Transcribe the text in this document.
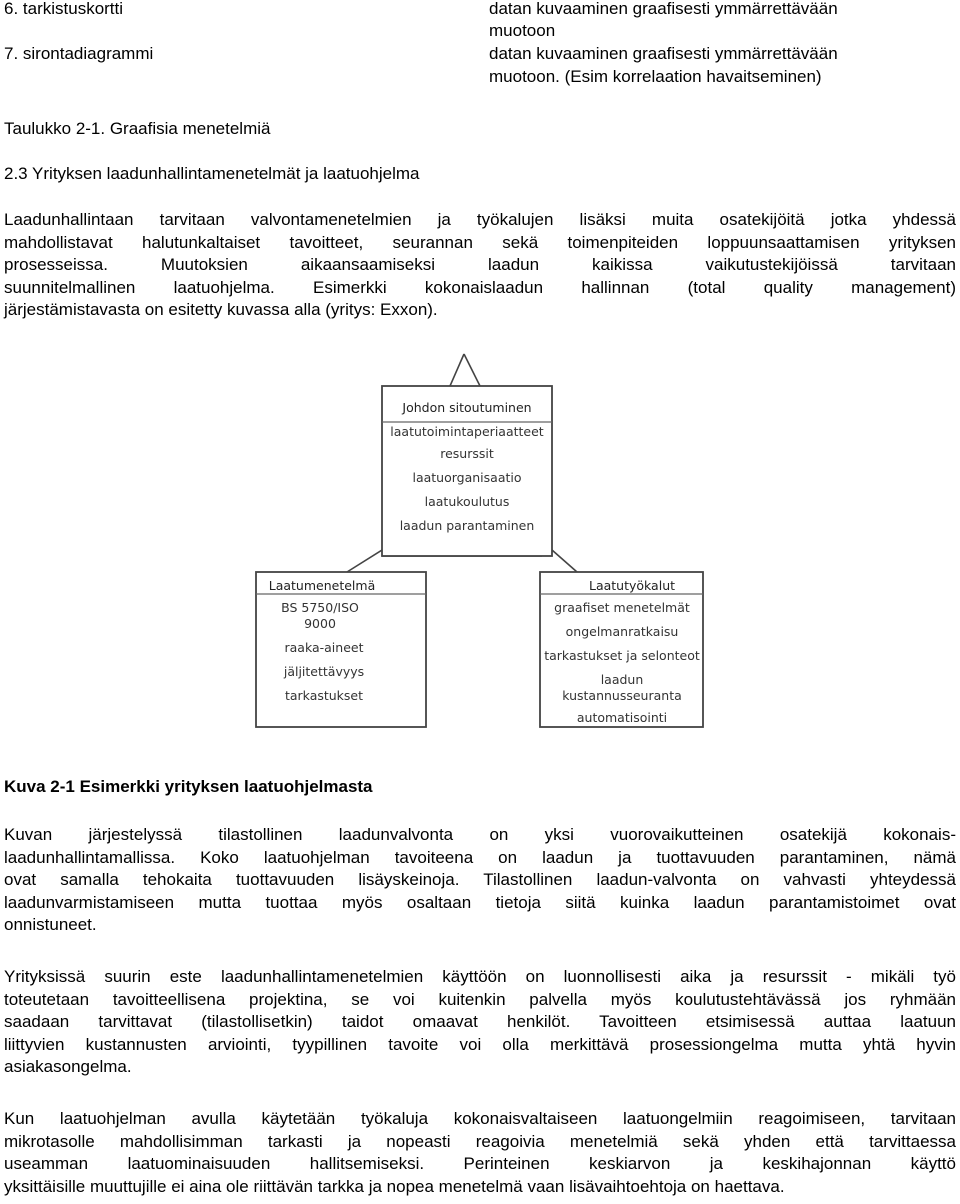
6. tarkistuskortti	datan kuvaaminen graafisesti ymmärrettävään
muotoon
7. sirontadiagrammi	datan kuvaaminen graafisesti ymmärrettävään
muotoon. (Esim korrelaation havaitseminen)
Taulukko 2-1. Graafisia menetelmiä
2.3 Yrityksen laadunhallintamenetelmät ja laatuohjelma
Laadunhallintaan tarvitaan valvontamenetelmien ja työkalujen lisäksi muita osatekijöitä jotka yhdessä
mahdollistavat halutunkaltaiset tavoitteet, seurannan sekä toimenpiteiden loppuunsaattamisen yrityksen
prosesseissa. Muutoksien aikaansaamiseksi laadun kaikissa vaikutustekijöissä tarvitaan
suunnitelmallinen laatuohjelma. Esimerkki kokonaislaadun hallinnan (total quality management)
järjestämistavasta on esitetty kuvassa alla (yritys: Exxon).
Johdon sitoutuminen
laatutoimintaperiaatteet
resurssit
laatuorganisaatio
laatukoulutus
laadun parantaminen
Laatumenetelmä
BS 5750/ISO
9000
raaka-aineet
jäljitettävyys
tarkastukset
Laatutyökalut
graafiset menetelmät
ongelmanratkaisu
tarkastukset ja selonteot
laadun
kustannusseuranta
automatisointi
Kuva 2-1 Esimerkki yrityksen laatuohjelmasta
Kuvan järjestelyssä tilastollinen laadunvalvonta on yksi vuorovaikutteinen osatekijä kokonais-
laadunhallintamallissa. Koko laatuohjelman tavoiteena on laadun ja tuottavuuden parantaminen, nämä
ovat samalla tehokaita tuottavuuden lisäyskeinoja. Tilastollinen laadun-valvonta on vahvasti yhteydessä
laadunvarmistamiseen mutta tuottaa myös osaltaan tietoja siitä kuinka laadun parantamistoimet ovat
onnistuneet.
Yrityksissä suurin este laadunhallintamenetelmien käyttöön on luonnollisesti aika ja resurssit - mikäli työ
toteutetaan tavoitteellisena projektina, se voi kuitenkin palvella myös koulutustehtävässä jos ryhmään
saadaan tarvittavat (tilastollisetkin) taidot omaavat henkilöt. Tavoitteen etsimisessä auttaa laatuun
liittyvien kustannusten arviointi, tyypillinen tavoite voi olla merkittävä prosessiongelma mutta yhtä hyvin
asiakasongelma.
Kun laatuohjelman avulla käytetään työkaluja kokonaisvaltaiseen laatuongelmiin reagoimiseen, tarvitaan
mikrotasolle mahdollisimman tarkasti ja nopeasti reagoivia menetelmiä sekä yhden että tarvittaessa
useamman laatuominaisuuden hallitsemiseksi. Perinteinen keskiarvon ja keskihajonnan käyttö
yksittäisille muuttujille ei aina ole riittävän tarkka ja nopea menetelmä vaan lisävaihtoehtoja on haettava.
